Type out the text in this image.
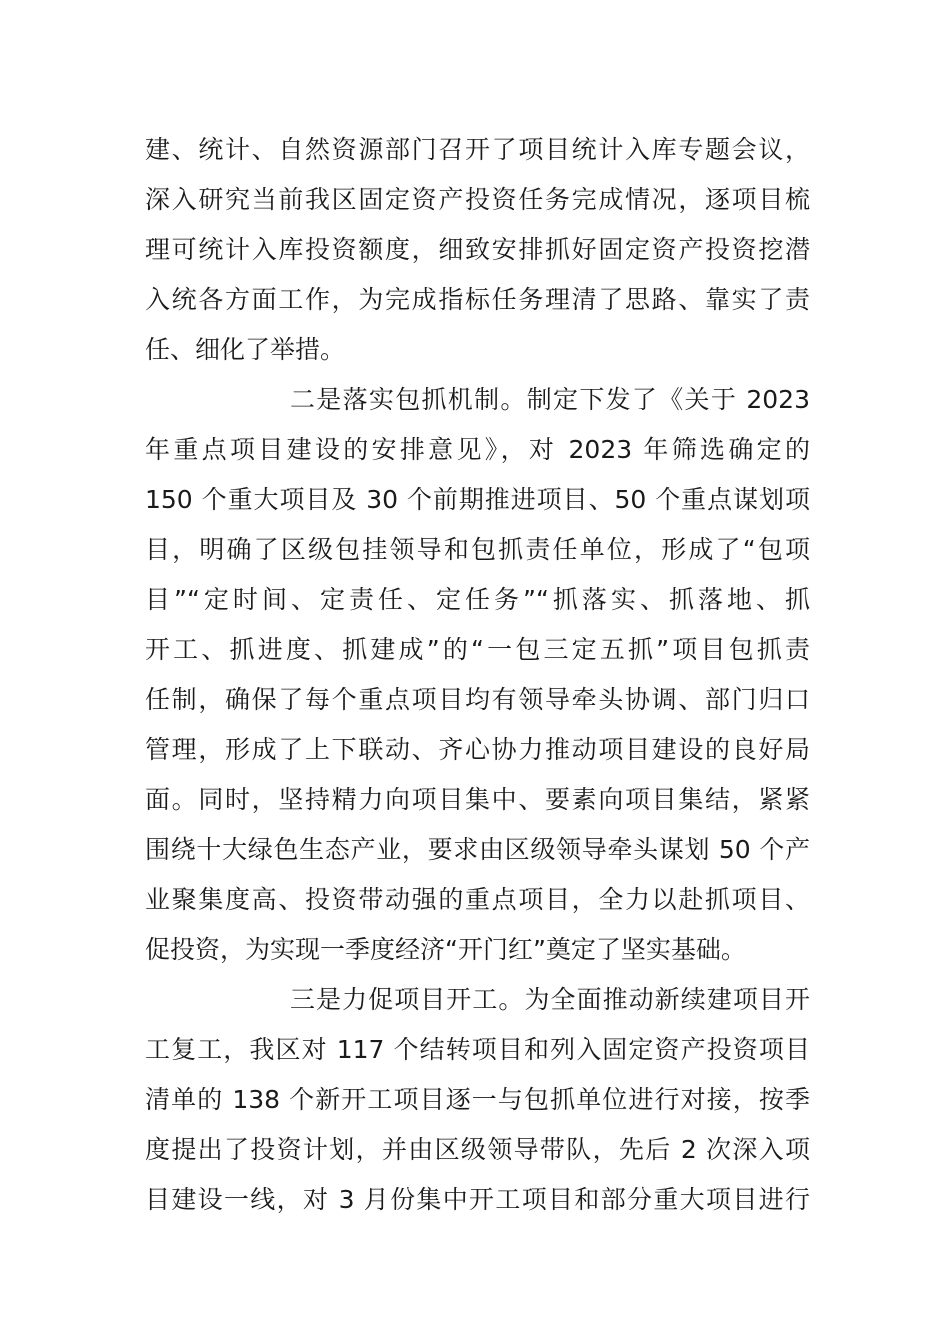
建、统计、自然资源部门召开了项目统计入库专题会议，
深入研究当前我区固定资产投资任务完成情况，逐项目梳
理可统计入库投资额度，细致安排抓好固定资产投资挖潜
入统各方面工作，为完成指标任务理清了思路、靠实了责
任、细化了举措。
二是落实包抓机制。制定下发了《关于 2023
年重点项目建设的安排意见》，对 2023 年筛选确定的
150 个重大项目及 30 个前期推进项目、50 个重点谋划项
目，明确了区级包挂领导和包抓责任单位，形成了“包项
目”“定时间、定责任、定任务”“抓落实、抓落地、抓
开工、抓进度、抓建成”的“一包三定五抓”项目包抓责
任制，确保了每个重点项目均有领导牵头协调、部门归口
管理，形成了上下联动、齐心协力推动项目建设的良好局
面。同时，坚持精力向项目集中、要素向项目集结，紧紧
围绕十大绿色生态产业，要求由区级领导牵头谋划 50 个产
业聚集度高、投资带动强的重点项目，全力以赴抓项目、
促投资，为实现一季度经济“开门红”奠定了坚实基础。
三是力促项目开工。为全面推动新续建项目开
工复工，我区对 117 个结转项目和列入固定资产投资项目
清单的 138 个新开工项目逐一与包抓单位进行对接，按季
度提出了投资计划，并由区级领导带队，先后 2 次深入项
目建设一线，对 3 月份集中开工项目和部分重大项目进行
